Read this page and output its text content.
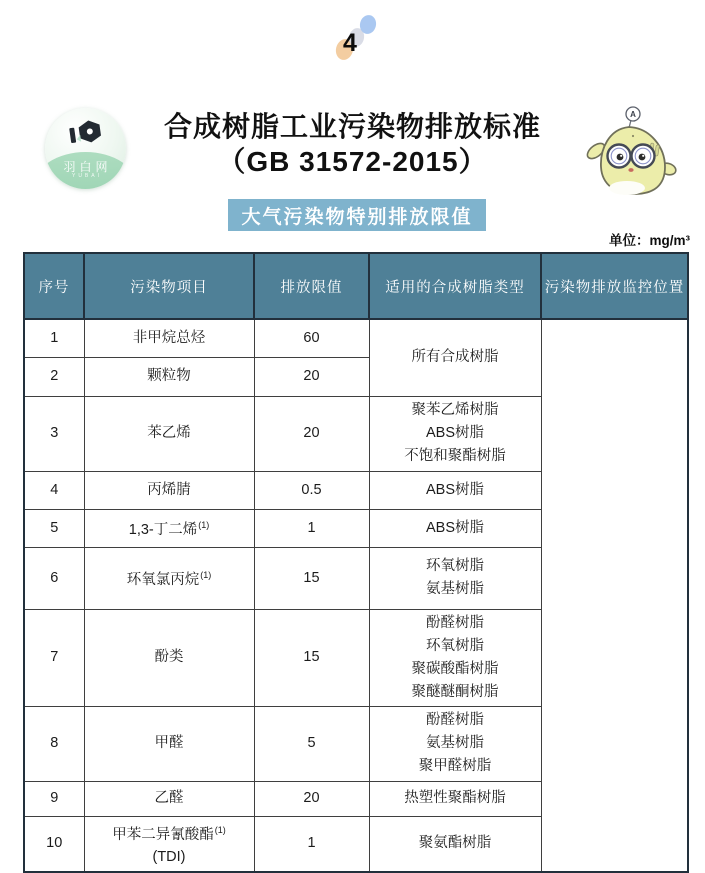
4
羽白网
YUBAI
合成树脂工业污染物排放标准
（GB 31572-2015）
A
大气污染物特别排放限值
单位：mg/m³
序号	污染物项目	排放限值	适用的合成树脂类型	污染物排放监控位置
1	非甲烷总烃	60	所有合成树脂	

2	颗粒物	20		
3	苯乙烯	20	聚苯乙烯树脂
ABS树脂
不饱和聚酯树脂	

4	丙烯腈	0.5	ABS树脂	

5	1,3-丁二烯$^{(1)}$	1	ABS树脂	

6	环氧氯丙烷$^{(1)}$	15	环氧树脂
氨基树脂	

7	酚类	15	酚醛树脂
环氧树脂
聚碳酸酯树脂
聚醚醚酮树脂	

8	甲醛	5	酚醛树脂
氨基树脂
聚甲醛树脂	

9	乙醛	20	热塑性聚酯树脂	

10	甲苯二异氰酸酯$^{(1)}$
(TDI)	1	聚氨酯树脂	
